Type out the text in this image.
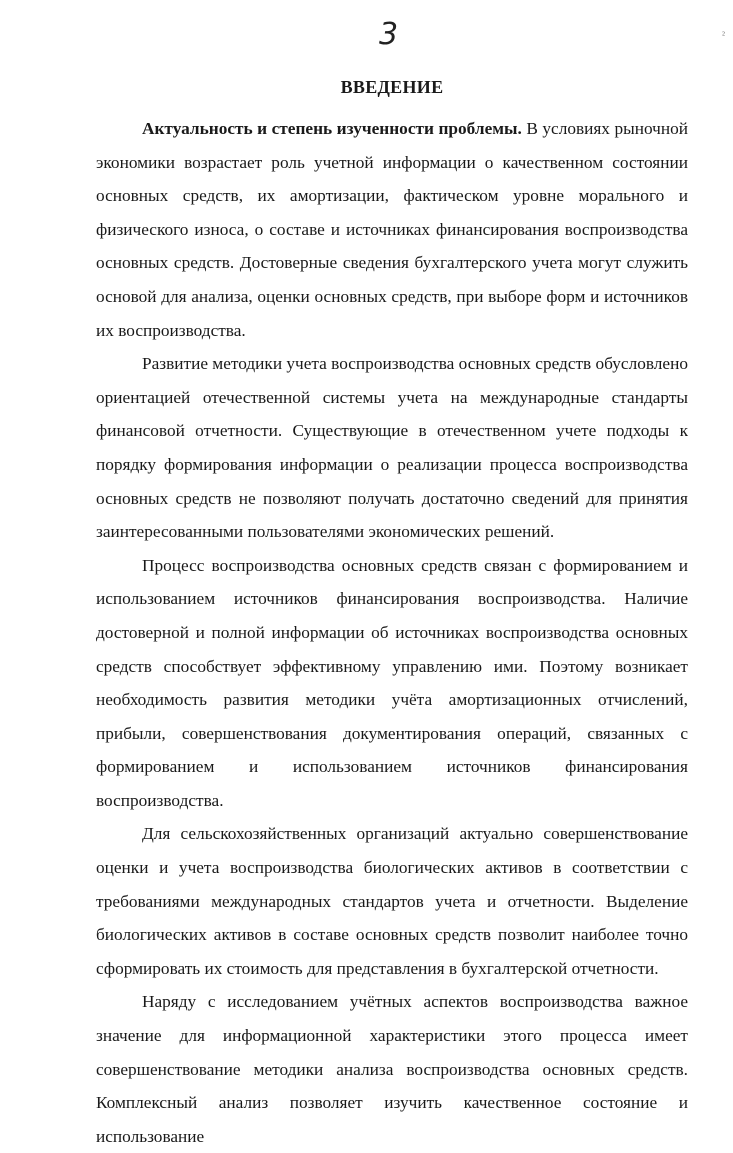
3	²
ВВЕДЕНИЕ

Актуальность и степень изученности проблемы. В условиях рыночной экономики возрастает роль учетной информации о качественном состоянии основных средств, их амортизации, фактическом уровне морального и физического износа, о составе и источниках финансирования воспроизводства основных средств. Достоверные сведения бухгалтерского учета могут служить основой для анализа, оценки основных средств, при выборе форм и источников их воспроизводства.

Развитие методики учета воспроизводства основных средств обусловлено ориентацией отечественной системы учета на международные стандарты финансовой отчетности. Существующие в отечественном учете подходы к порядку формирования информации о реализации процесса воспроизводства основных средств не позволяют получать достаточно сведений для принятия заинтересованными пользователями экономических решений.

Процесс воспроизводства основных средств связан с формированием и использованием источников финансирования воспроизводства. Наличие достоверной и полной информации об источниках воспроизводства основных средств способствует эффективному управлению ими. Поэтому возникает необходимость развития методики учёта амортизационных отчислений, прибыли, совершенствования документирования операций, связанных с формированием и использованием источников финансирования воспроизводства.

Для сельскохозяйственных организаций актуально совершенствование оценки и учета воспроизводства биологических активов в соответствии с требованиями международных стандартов учета и отчетности. Выделение биологических активов в составе основных средств позволит наиболее точно сформировать их стоимость для представления в бухгалтерской отчетности.

Наряду с исследованием учётных аспектов воспроизводства важное значение для информационной характеристики этого процесса имеет совершенствование методики анализа воспроизводства основных средств. Комплексный анализ позволяет изучить качественное состояние и использование
